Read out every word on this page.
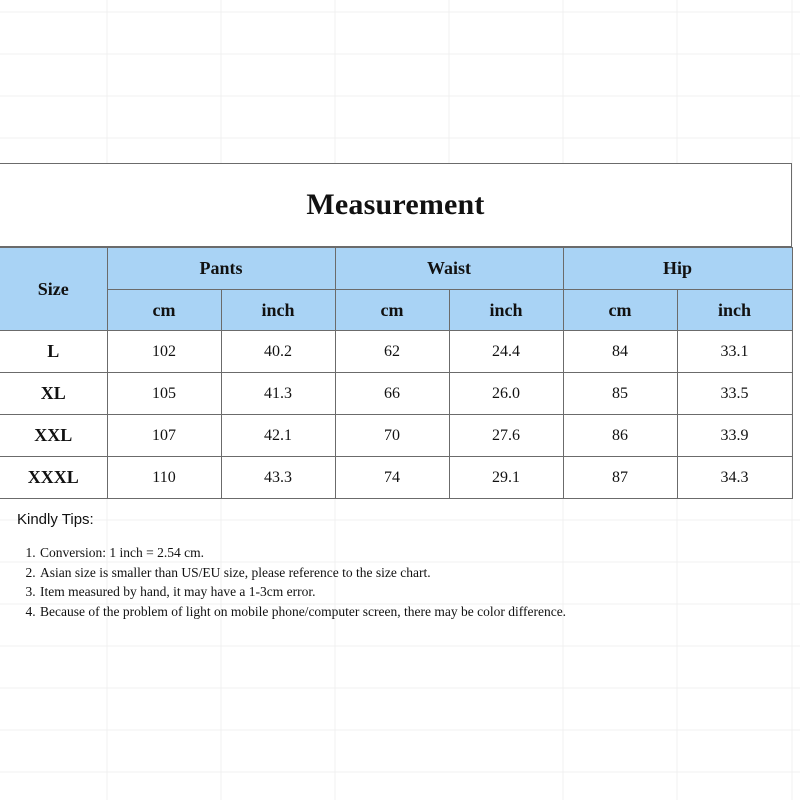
Measurement
Size	Pants		Waist		Hip	
	cm	inch	cm	inch	cm	inch
L	102	40.2	62	24.4	84	33.1
XL	105	41.3	66	26.0	85	33.5
XXL	107	42.1	70	27.6	86	33.9
XXXL	110	43.3	74	29.1	87	34.3
Kindly Tips:
1. Conversion: 1 inch = 2.54 cm.
2. Asian size is smaller than US/EU size, please reference to the size chart.
3. Item measured by hand, it may have a 1-3cm error.
4. Because of the problem of light on mobile phone/computer screen, there may be color difference.
